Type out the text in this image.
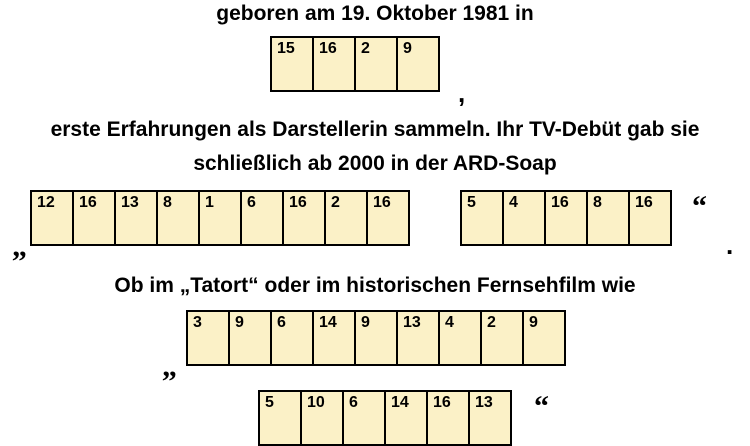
geboren am 19. Oktober 1981 in
erste Erfahrungen als Darstellerin sammeln. Ihr TV-Debüt gab sie
schließlich ab 2000 in der ARD-Soap
Ob im „Tatort“ oder im historischen Fernsehfilm wie
15 16 2 9
12 16 13 8 1 6 16 2 16	5 4 16 8 16
3 9 6 14 9 13 4 2 9
5 10 6 14 16 13
,
„
“
.
„
“
